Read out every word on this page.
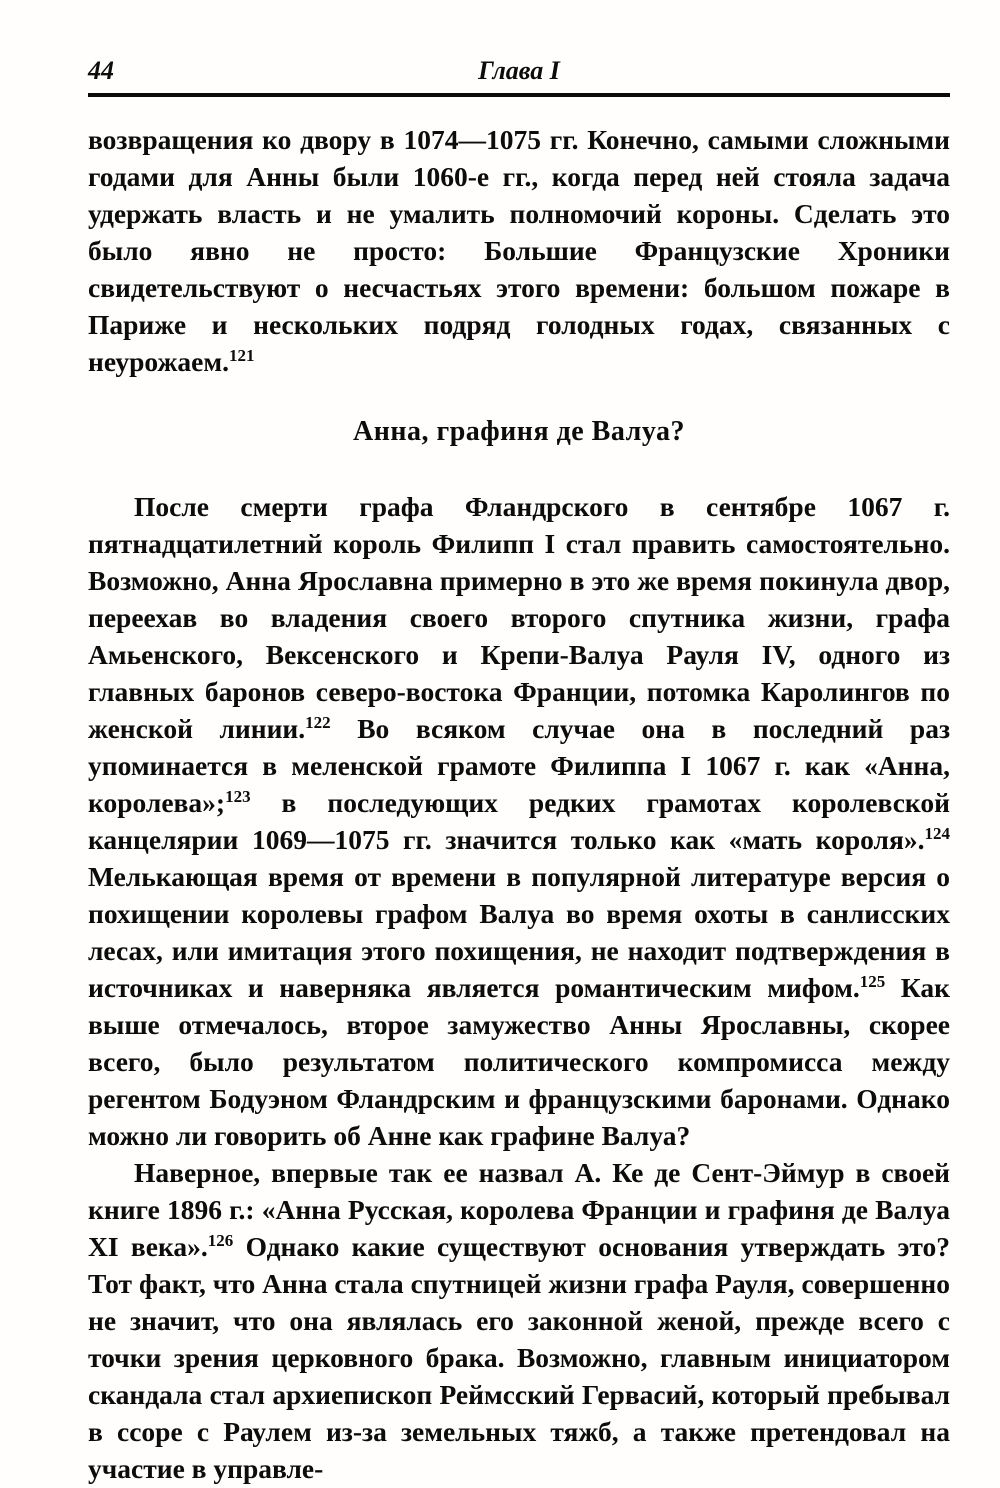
44	Глава I

возвращения ко двору в 1074—1075 гг. Конечно, самыми сложными годами для Анны были 1060-е гг., когда перед ней стояла задача удержать власть и не умалить полномочий короны. Сделать это было явно не просто: Большие Французские Хроники свидетельствуют о несчастьях этого времени: большом пожаре в Париже и нескольких подряд голодных годах, связанных с неурожаем.$^{121}$

Анна, графиня де Валуа?

После смерти графа Фландрского в сентябре 1067 г. пятнадцатилетний король Филипп I стал править самостоятельно. Возможно, Анна Ярославна примерно в это же время покинула двор, переехав во владения своего второго спутника жизни, графа Амьенского, Вексенского и Крепи-Валуа Рауля IV, одного из главных баронов северо-востока Франции, потомка Каролингов по женской линии.$^{122}$ Во всяком случае она в последний раз упоминается в меленской грамоте Филиппа I 1067 г. как «Анна, королева»;$^{123}$ в последующих редких грамотах королевской канцелярии 1069—1075 гг. значится только как «мать короля».$^{124}$ Мелькающая время от времени в популярной литературе версия о похищении королевы графом Валуа во время охоты в санлисских лесах, или имитация этого похищения, не находит подтверждения в источниках и наверняка является романтическим мифом.$^{125}$ Как выше отмечалось, второе замужество Анны Ярославны, скорее всего, было результатом политического компромисса между регентом Бодуэном Фландрским и французскими баронами. Однако можно ли говорить об Анне как графине Валуа?

Наверное, впервые так ее назвал А. Ке де Сент-Эймур в своей книге 1896 г.: «Анна Русская, королева Франции и графиня де Валуа XI века».$^{126}$ Однако какие существуют основания утверждать это? Тот факт, что Анна стала спутницей жизни графа Рауля, совершенно не значит, что она являлась его законной женой, прежде всего с точки зрения церковного брака. Возможно, главным инициатором скандала стал архиепископ Реймсский Гервасий, который пребывал в ссоре с Раулем из-за земельных тяжб, а также претендовал на участие в управле-
